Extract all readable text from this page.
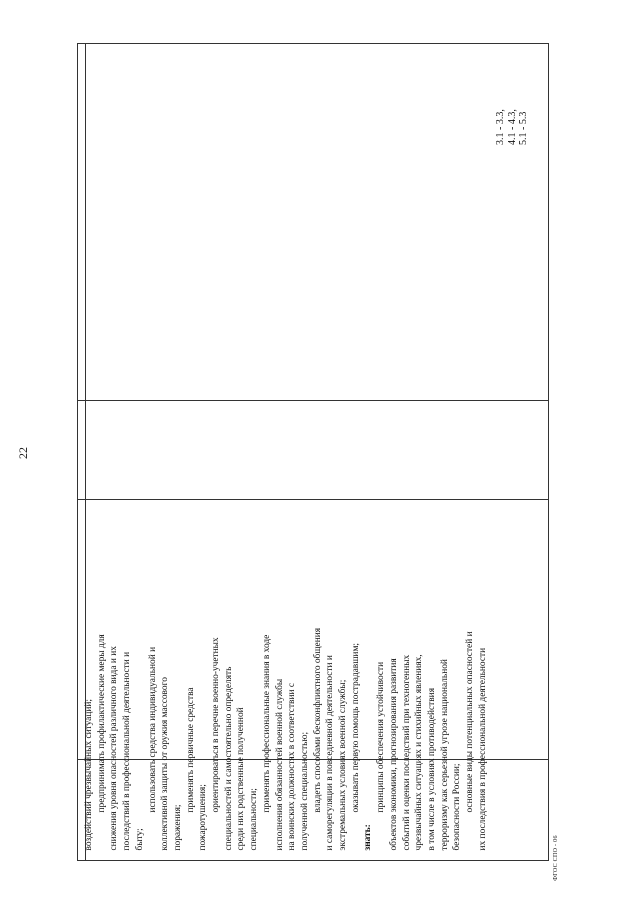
22

воздействий чрезвычайных ситуаций; предпринимать профилактические меры для снижения уровня опасностей различного вида и их последствий в профессиональной деятельности и быту;

использовать средства индивидуальной и коллективной защиты от оружия массового поражения;

применять первичные средства

пожаротушения;

ориентироваться в перечне военно-учетных специальностей и самостоятельно определять среди них родственные полученной специальности;

применять профессиональные знания в ходе исполнения обязанностей военной службы на воинских должностях в соответствии с полученной специальностью; владеть способами бесконфликтного общения и саморегуляции в повседневной деятельности и экстремальных условиях военной службы; оказывать первую помощь пострадавшим;

знать:

принципы обеспечения устойчивости объектов экономики, прогнозирования развития событий и оценки последствий при техногенных чрезвычайных ситуациях и стихийных явлениях, в том числе в условиях противодействия терроризму как серьезной угрозе национальной безопасности России; основные виды потенциальных опасностей и их последствия в профессиональной деятельности

3.1 - 3.3, 4.1 - 4.3, 5.1 - 5.3

ФГОС СПО - 06
